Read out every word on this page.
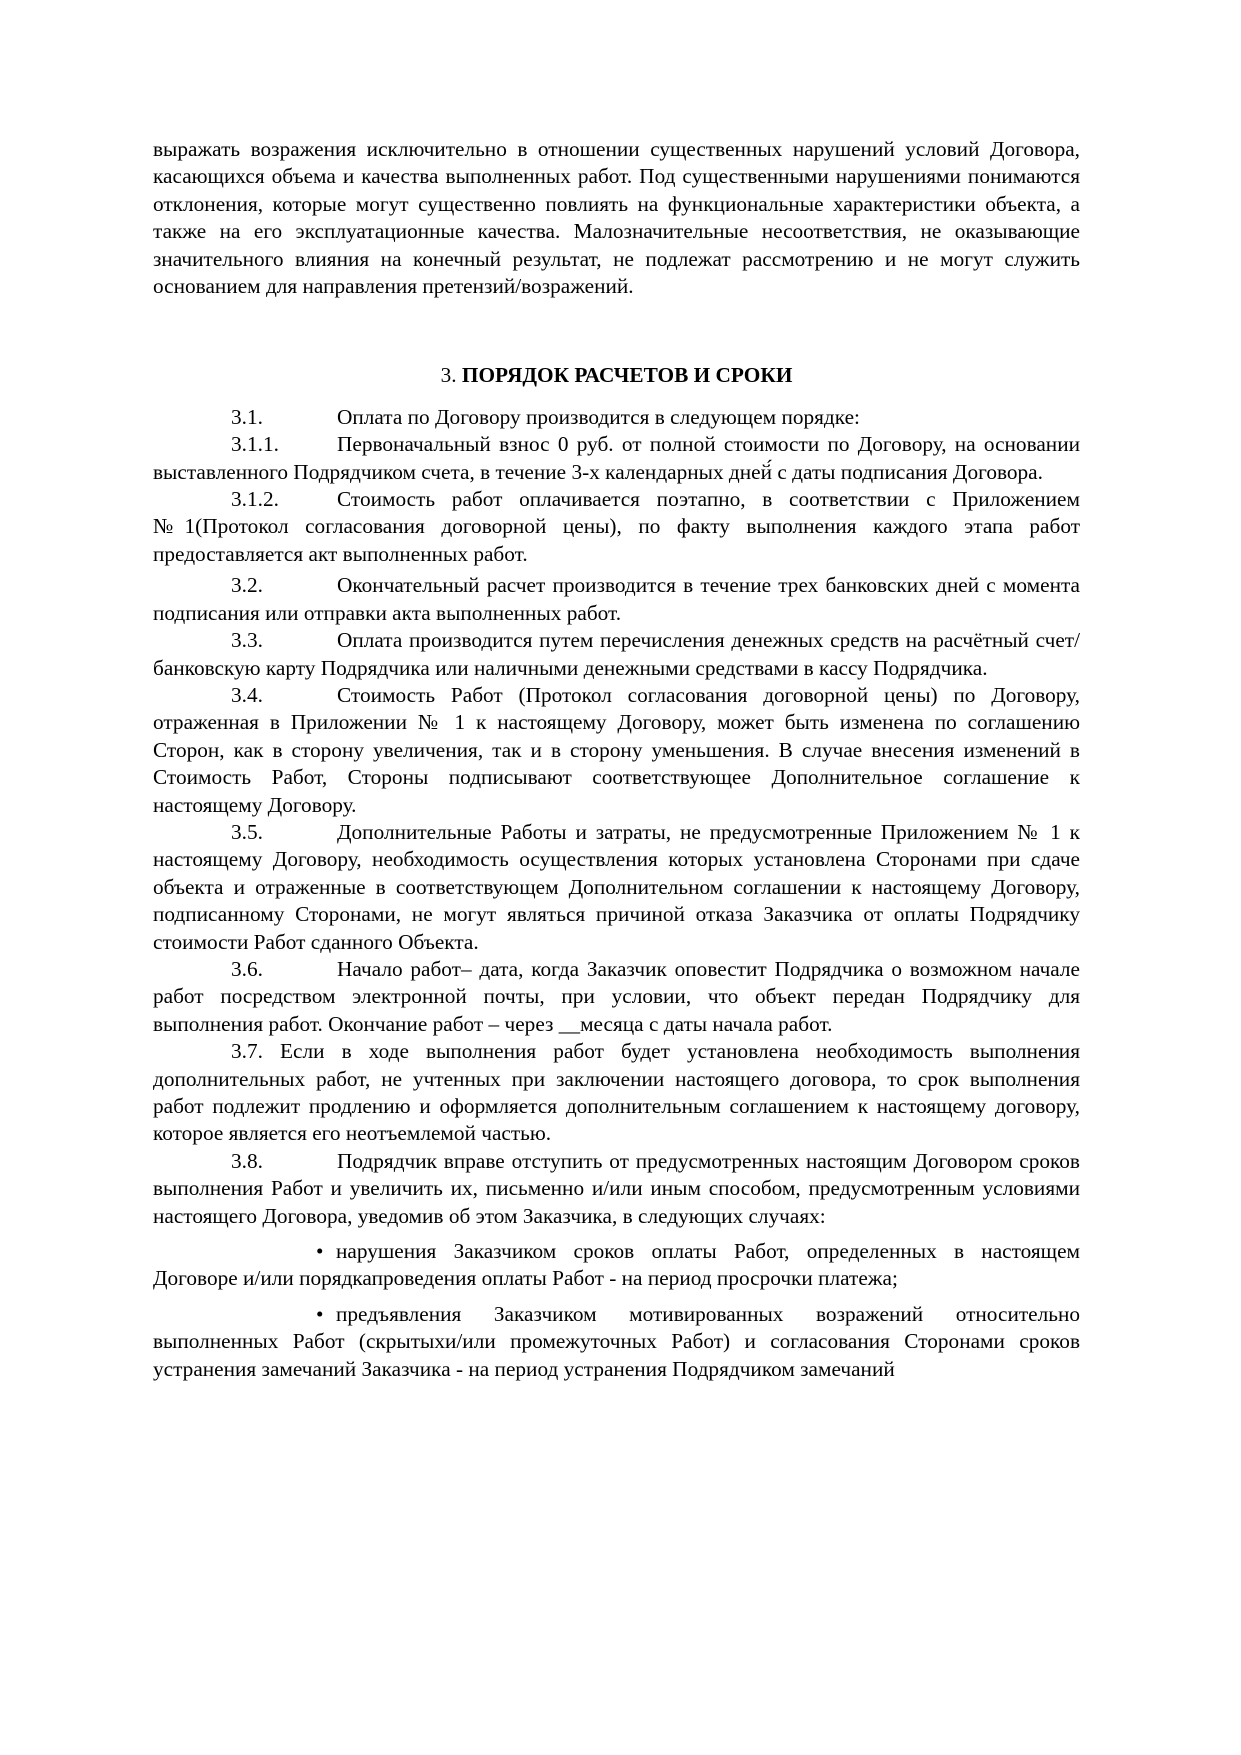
выражать возражения исключительно в отношении существенных нарушений условий Договора, касающихся объема и качества выполненных работ. Под существенными нарушениями понимаются отклонения, которые могут существенно повлиять на функциональные характеристики объекта, а также на его эксплуатационные качества. Малозначительные несоответствия, не оказывающие значительного влияния на конечный результат, не подлежат рассмотрению и не могут служить основанием для направления претензий/возражений.

3. ПОРЯДОК РАСЧЕТОВ И СРОКИ

3.1.	Оплата по Договору производится в следующем порядке:

3.1.1.	Первоначальный взнос 0 руб. от полной стоимости по Договору, на основании выставленного Подрядчиком счета, в течение 3-х календарных дней́ с даты подписания Договора.

3.1.2.	Стоимость работ оплачивается поэтапно, в соответствии с Приложением №1(Протокол согласования договорной цены), по факту выполнения каждого этапа работ предоставляется акт выполненных работ.

3.2.	Окончательный расчет производится в течение трех банковских дней с момента подписания или отправки акта выполненных работ.

3.3.	Оплата производится путем перечисления денежных средств на расчётный счет/банковскую карту Подрядчика или наличными денежными средствами в кассу Подрядчика.

3.4.	Стоимость Работ (Протокол согласования договорной цены) по Договору, отраженная в Приложении № 1 к настоящему Договору, может быть изменена по соглашению Сторон, как в сторону увеличения, так и в сторону уменьшения. В случае внесения изменений в Стоимость Работ, Стороны подписывают соответствующее Дополнительное соглашение к настоящему Договору.

3.5.	Дополнительные Работы и затраты, не предусмотренные Приложением № 1 к настоящему Договору, необходимость осуществления которых установлена Сторонами при сдаче объекта и отраженные в соответствующем Дополнительном соглашении к настоящему Договору, подписанному Сторонами, не могут являться причиной отказа Заказчика от оплаты Подрядчику стоимости Работ сданного Объекта.

3.6.	Начало работ– дата, когда Заказчик оповестит Подрядчика о возможном начале работ посредством электронной почты, при условии, что объект передан Подрядчику для выполнения работ. Окончание работ – через __месяца с даты начала работ.

3.7. Если в ходе выполнения работ будет установлена необходимость выполнения дополнительных работ, не учтенных при заключении настоящего договора, то срок выполнения работ подлежит продлению и оформляется дополнительным соглашением к настоящему договору, которое является его неотъемлемой частью.

3.8.	Подрядчик вправе отступить от предусмотренных настоящим Договором сроков выполнения Работ и увеличить их, письменно и/или иным способом, предусмотренным условиями настоящего Договора, уведомив об этом Заказчика, в следующих случаях:

• нарушения Заказчиком сроков оплаты Работ, определенных в настоящем Договоре и/или порядкапроведения оплаты Работ - на период просрочки платежа;

• предъявления Заказчиком мотивированных возражений относительно выполненных Работ (скрытыхи/или промежуточных Работ) и согласования Сторонами сроков устранения замечаний Заказчика - на период устранения Подрядчиком замечаний
